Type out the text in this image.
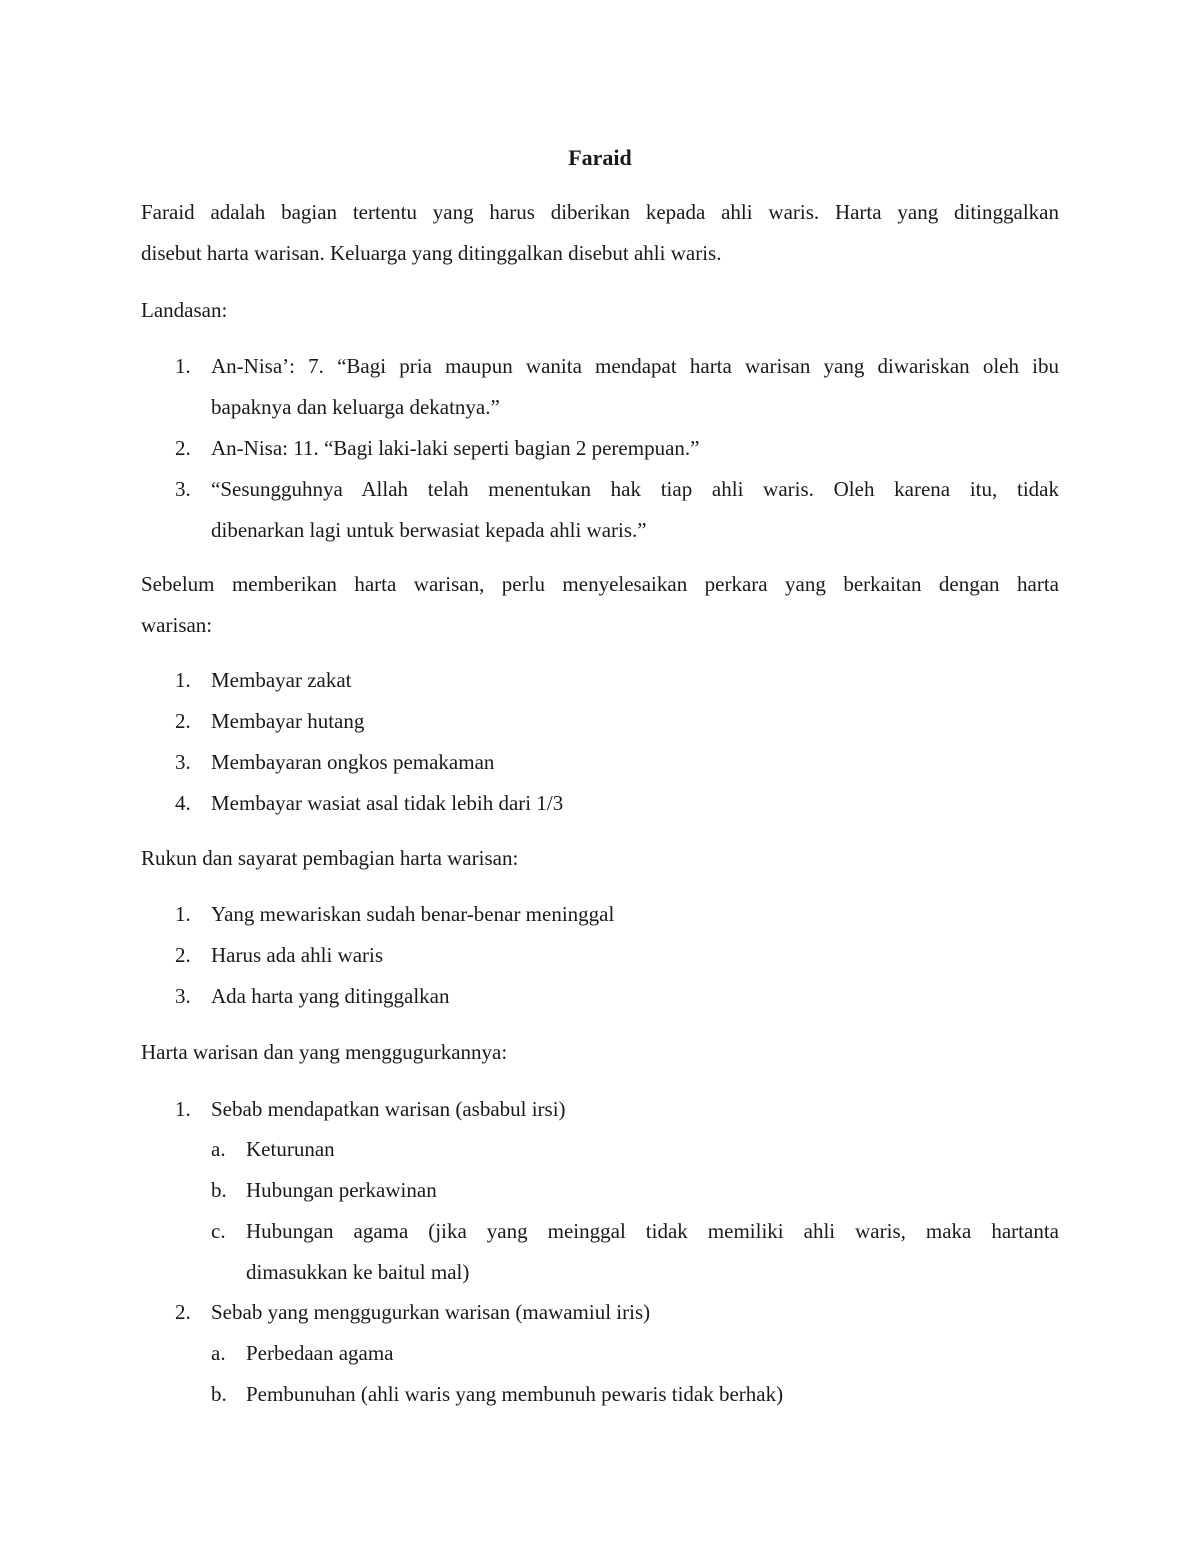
Faraid
Faraid adalah bagian tertentu yang harus diberikan kepada ahli waris. Harta yang ditinggalkan
disebut harta warisan. Keluarga yang ditinggalkan disebut ahli waris.
Landasan:
1. An-Nisa’: 7. “Bagi pria maupun wanita mendapat harta warisan yang diwariskan oleh ibu
bapaknya dan keluarga dekatnya.”
2. An-Nisa: 11. “Bagi laki-laki seperti bagian 2 perempuan.”
3. “Sesungguhnya Allah telah menentukan hak tiap ahli waris. Oleh karena itu, tidak
dibenarkan lagi untuk berwasiat kepada ahli waris.”
Sebelum memberikan harta warisan, perlu menyelesaikan perkara yang berkaitan dengan harta
warisan:
1. Membayar zakat
2. Membayar hutang
3. Membayaran ongkos pemakaman
4. Membayar wasiat asal tidak lebih dari 1/3
Rukun dan sayarat pembagian harta warisan:
1. Yang mewariskan sudah benar-benar meninggal
2. Harus ada ahli waris
3. Ada harta yang ditinggalkan
Harta warisan dan yang menggugurkannya:
1. Sebab mendapatkan warisan (asbabul irsi)
a. Keturunan
b. Hubungan perkawinan
c. Hubungan agama (jika yang meinggal tidak memiliki ahli waris, maka hartanta
dimasukkan ke baitul mal)
2. Sebab yang menggugurkan warisan (mawamiul iris)
a. Perbedaan agama
b. Pembunuhan (ahli waris yang membunuh pewaris tidak berhak)
